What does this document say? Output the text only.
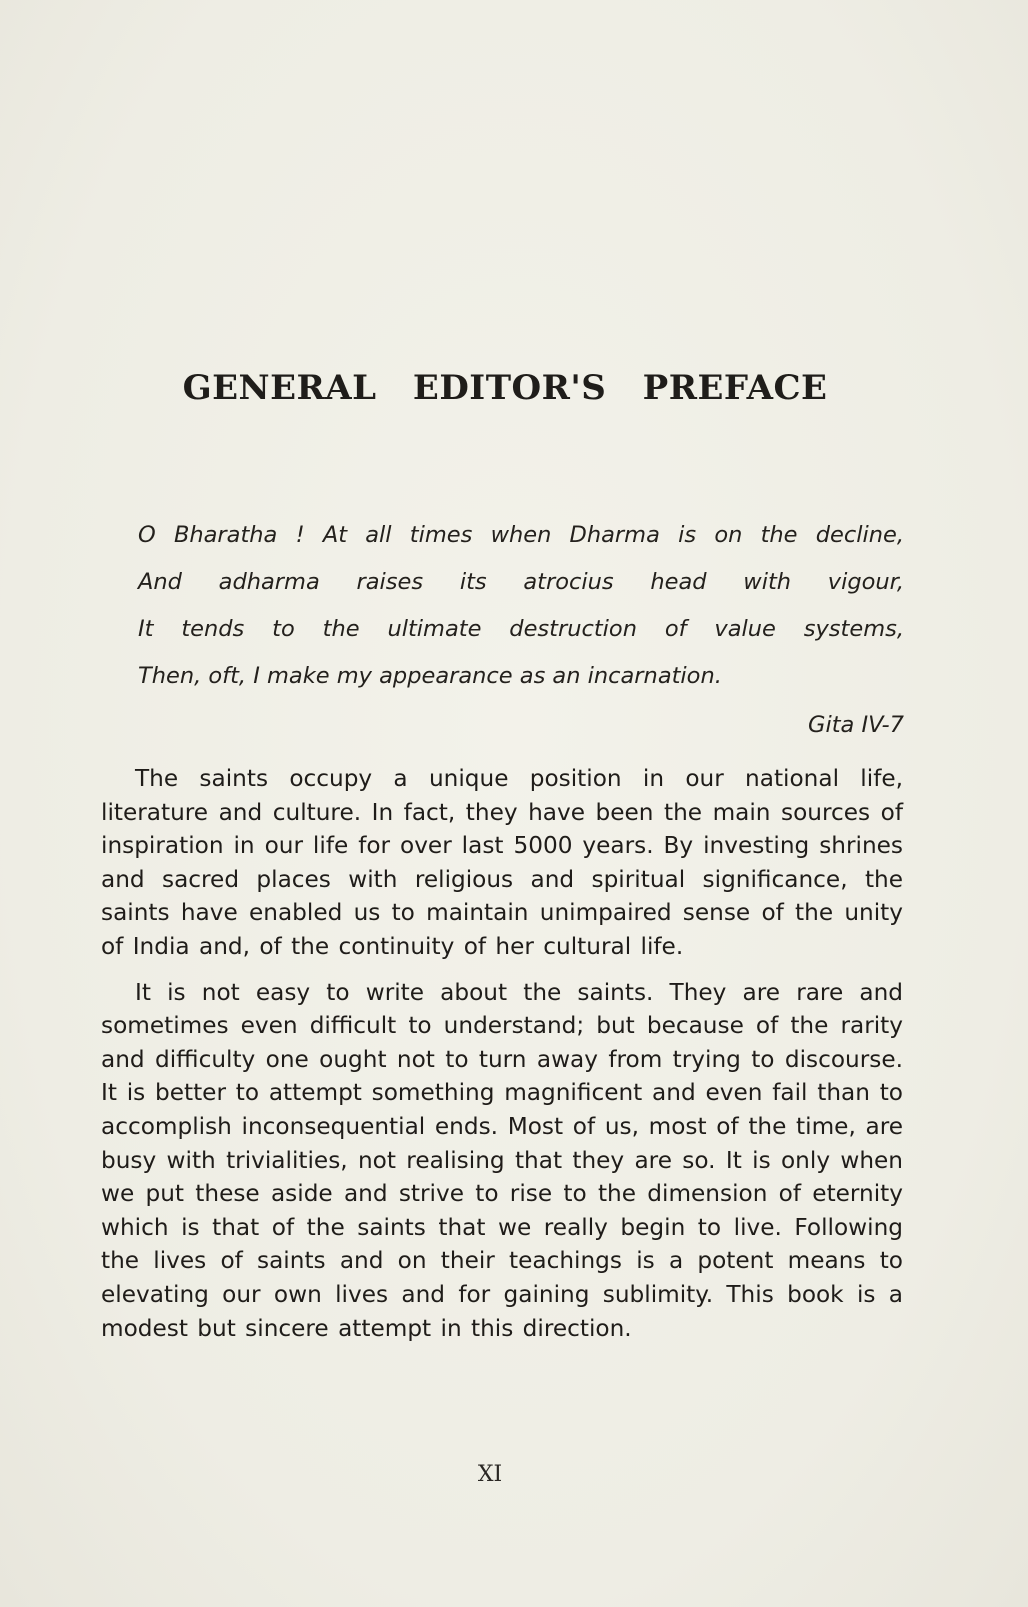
GENERAL EDITOR'S PREFACE
O Bharatha ! At all times when Dharma is on the decline,
And adharma raises its atrocius head with vigour,
It tends to the ultimate destruction of value systems,
Then, oft, I make my appearance as an incarnation.
Gita IV-7

The saints occupy a unique position in our national life, literature and culture. In fact, they have been the main sources of inspiration in our life for over last 5000 years. By investing shrines and sacred places with religious and spiritual significance, the saints have enabled us to maintain unimpaired sense of the unity of India and, of the continuity of her cultural life.

It is not easy to write about the saints. They are rare and sometimes even difficult to understand; but because of the rarity and difficulty one ought not to turn away from trying to discourse. It is better to attempt something magnificent and even fail than to accomplish inconsequential ends. Most of us, most of the time, are busy with trivialities, not realising that they are so. It is only when we put these aside and strive to rise to the dimension of eternity which is that of the saints that we really begin to live. Following the lives of saints and on their teachings is a potent means to elevating our own lives and for gaining sublimity. This book is a modest but sincere attempt in this direction.

XI
